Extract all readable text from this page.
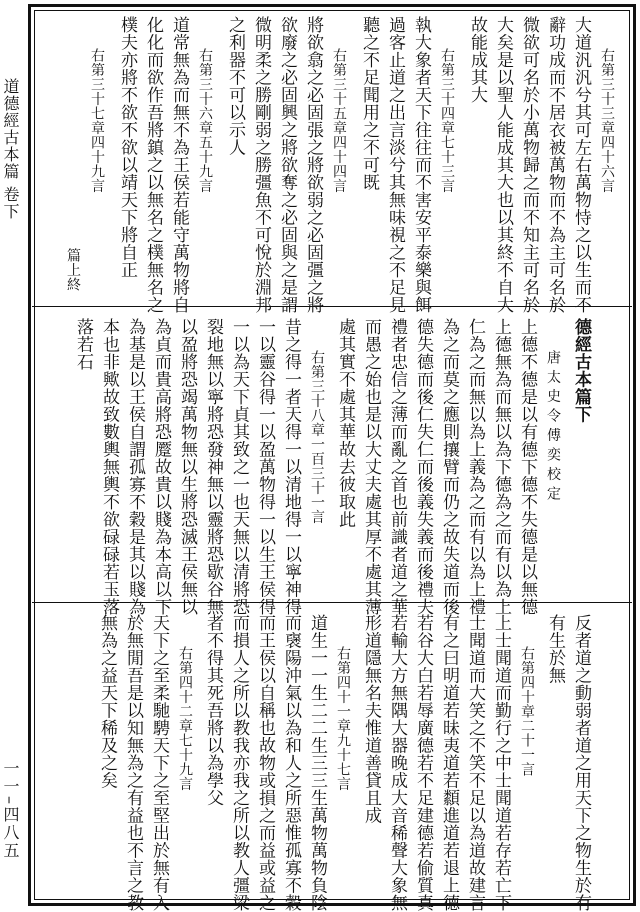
道德經古本篇 卷下
一一–四八五
右第三十三章四十六言
大道汎汎兮其可左右萬物恃之以生而不
辭功成而不居衣被萬物而不為主可名於
微欲可名於小萬物歸之而不知主可名於
大矣是以聖人能成其大也以其終不自大
故能成其大
右第三十四章七十三言
執大象者天下往往而不害安平泰樂與餌
過客止道之出言淡兮其無味視之不足見
聽之不足聞用之不可既
右第三十五章四十四言
將欲翕之必固張之將欲弱之必固彊之將
欲廢之必固興之將欲奪之必固與之是謂
微明柔之勝剛弱之勝彊魚不可悅於淵邦
之利器不可以示人
右第三十六章五十九言
道常無為而無不為王侯若能守萬物將自
化化而欲作吾將鎮之以無名之樸無名之
樸夫亦將不欲不欲以靖天下將自正
右第三十七章四十九言
篇上終
德經古本篇下
唐 太 史 令 傅 奕 校 定
上德不德是以有德下德不失德是以無德
上德無為而無以為下德為之而有以為上
仁為之而無以為上義為之而有以為上禮
為之而莫之應則攘臂而仍之故失道而後
德失德而後仁失仁而後義失義而後禮夫
禮者忠信之薄而亂之首也前識者道之華
而愚之始也是以大丈夫處其厚不處其薄
處其實不處其華故去彼取此
右第三十八章一百三十一言
昔之得一者天得一以清地得一以寧神得
一以靈谷得一以盈萬物得一以生王侯得
一以為天下貞其致之一也天無以清將恐
裂地無以寧將恐發神無以靈將恐歇谷無
以盈將恐竭萬物無以生將恐滅王侯無以
為貞而貴高將恐蹷故貴以賤為本高以下
為基是以王侯自謂孤寡不穀是其以賤為
本也非歟故致數輿無輿不欲碌碌若玉落
落若石
反者道之動弱者道之用天下之物生於有
有生於無
右第四十章二十一言
上士聞道而勤行之中士聞道若存若亡下
士聞道而大笑之不笑不足以為道故建言
有之曰明道若昧夷道若纇進道若退上德
若谷大白若辱廣德若不足建德若偷質真
若輸大方無隅大器晚成大音稀聲大象無
形道隱無名夫惟道善貸且成
右第四十一章九十七言
道生一一生二二生三三生萬物萬物負陰
而襃陽沖氣以為和人之所惡惟孤寡不穀
而王侯以自稱也故物或損之而益或益之
而損人之所以教我亦我之所以教人彊梁
者不得其死吾將以為學父
右第四十二章七十九言
天下之至柔馳騁天下之至堅出於無有入
於無閒吾是以知無為之有益也不言之教
無為之益天下稀及之矣
